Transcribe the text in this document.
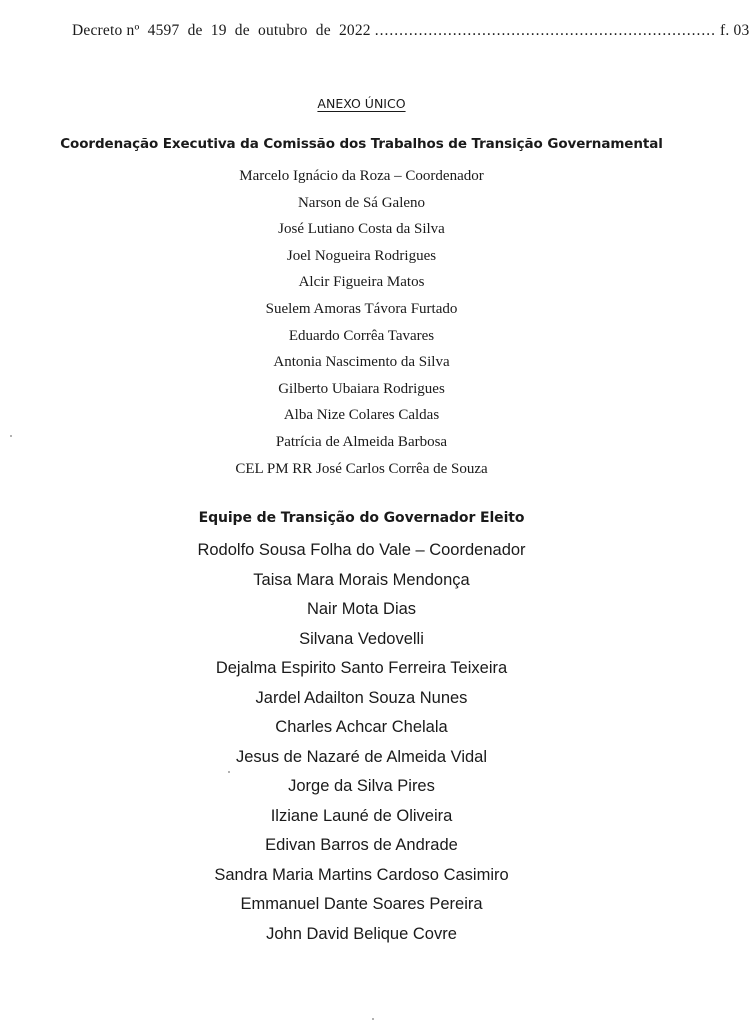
Decreto nº  4597  de  19  de  outubro  de  2022 ...................................................................... f. 03
ANEXO ÚNICO
Coordenação Executiva da Comissão dos Trabalhos de Transição Governamental
Marcelo Ignácio da Roza – Coordenador
Narson de Sá Galeno
José Lutiano Costa da Silva
Joel Nogueira Rodrigues
Alcir Figueira Matos
Suelem Amoras Távora Furtado
Eduardo Corrêa Tavares
Antonia Nascimento da Silva
Gilberto Ubaiara Rodrigues
Alba Nize Colares Caldas
Patrícia de Almeida Barbosa
CEL PM RR José Carlos Corrêa de Souza
Equipe de Transição do Governador Eleito
Rodolfo Sousa Folha do Vale – Coordenador
Taisa Mara Morais Mendonça
Nair Mota Dias
Silvana Vedovelli
Dejalma Espirito Santo Ferreira Teixeira
Jardel Adailton Souza Nunes
Charles Achcar Chelala
Jesus de Nazaré de Almeida Vidal
Jorge da Silva Pires
Ilziane Launé de Oliveira
Edivan Barros de Andrade
Sandra Maria Martins Cardoso Casimiro
Emmanuel Dante Soares Pereira
John David Belique Covre
